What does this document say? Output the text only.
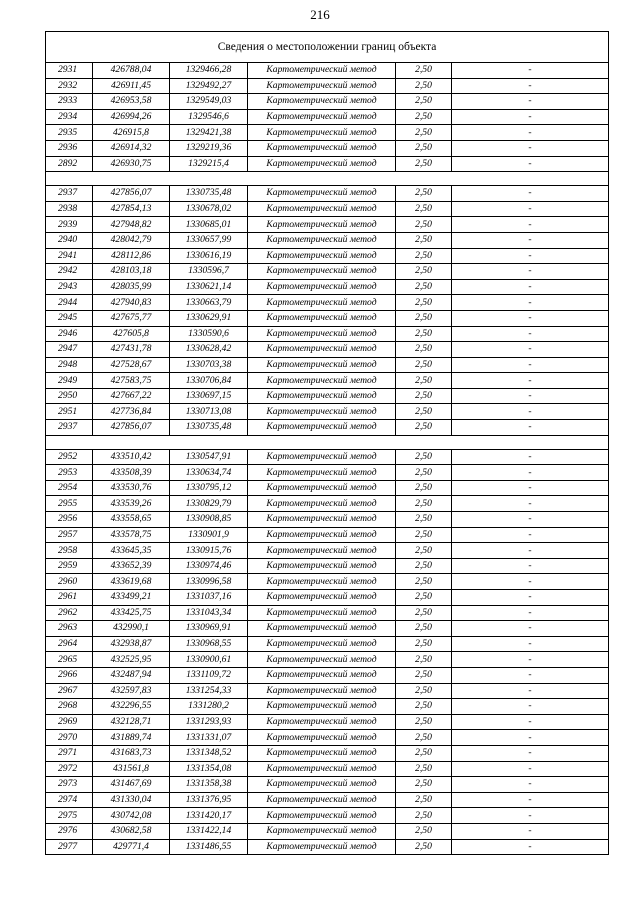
216
Сведения о местоположении границ объекта					
2931	426788,04	1329466,28	Картометрический метод	2,50	-
2932	426911,45	1329492,27	Картометрический метод	2,50	-
2933	426953,58	1329549,03	Картометрический метод	2,50	-
2934	426994,26	1329546,6	Картометрический метод	2,50	-
2935	426915,8	1329421,38	Картометрический метод	2,50	-
2936	426914,32	1329219,36	Картометрический метод	2,50	-
2892	426930,75	1329215,4	Картометрический метод	2,50	-

2937	427856,07	1330735,48	Картометрический метод	2,50	-
2938	427854,13	1330678,02	Картометрический метод	2,50	-
2939	427948,82	1330685,01	Картометрический метод	2,50	-
2940	428042,79	1330657,99	Картометрический метод	2,50	-
2941	428112,86	1330616,19	Картометрический метод	2,50	-
2942	428103,18	1330596,7	Картометрический метод	2,50	-
2943	428035,99	1330621,14	Картометрический метод	2,50	-
2944	427940,83	1330663,79	Картометрический метод	2,50	-
2945	427675,77	1330629,91	Картометрический метод	2,50	-
2946	427605,8	1330590,6	Картометрический метод	2,50	-
2947	427431,78	1330628,42	Картометрический метод	2,50	-
2948	427528,67	1330703,38	Картометрический метод	2,50	-
2949	427583,75	1330706,84	Картометрический метод	2,50	-
2950	427667,22	1330697,15	Картометрический метод	2,50	-
2951	427736,84	1330713,08	Картометрический метод	2,50	-
2937	427856,07	1330735,48	Картометрический метод	2,50	-

2952	433510,42	1330547,91	Картометрический метод	2,50	-
2953	433508,39	1330634,74	Картометрический метод	2,50	-
2954	433530,76	1330795,12	Картометрический метод	2,50	-
2955	433539,26	1330829,79	Картометрический метод	2,50	-
2956	433558,65	1330908,85	Картометрический метод	2,50	-
2957	433578,75	1330901,9	Картометрический метод	2,50	-
2958	433645,35	1330915,76	Картометрический метод	2,50	-
2959	433652,39	1330974,46	Картометрический метод	2,50	-
2960	433619,68	1330996,58	Картометрический метод	2,50	-
2961	433499,21	1331037,16	Картометрический метод	2,50	-
2962	433425,75	1331043,34	Картометрический метод	2,50	-
2963	432990,1	1330969,91	Картометрический метод	2,50	-
2964	432938,87	1330968,55	Картометрический метод	2,50	-
2965	432525,95	1330900,61	Картометрический метод	2,50	-
2966	432487,94	1331109,72	Картометрический метод	2,50	-
2967	432597,83	1331254,33	Картометрический метод	2,50	-
2968	432296,55	1331280,2	Картометрический метод	2,50	-
2969	432128,71	1331293,93	Картометрический метод	2,50	-
2970	431889,74	1331331,07	Картометрический метод	2,50	-
2971	431683,73	1331348,52	Картометрический метод	2,50	-
2972	431561,8	1331354,08	Картометрический метод	2,50	-
2973	431467,69	1331358,38	Картометрический метод	2,50	-
2974	431330,04	1331376,95	Картометрический метод	2,50	-
2975	430742,08	1331420,17	Картометрический метод	2,50	-
2976	430682,58	1331422,14	Картометрический метод	2,50	-
2977	429771,4	1331486,55	Картометрический метод	2,50	-
